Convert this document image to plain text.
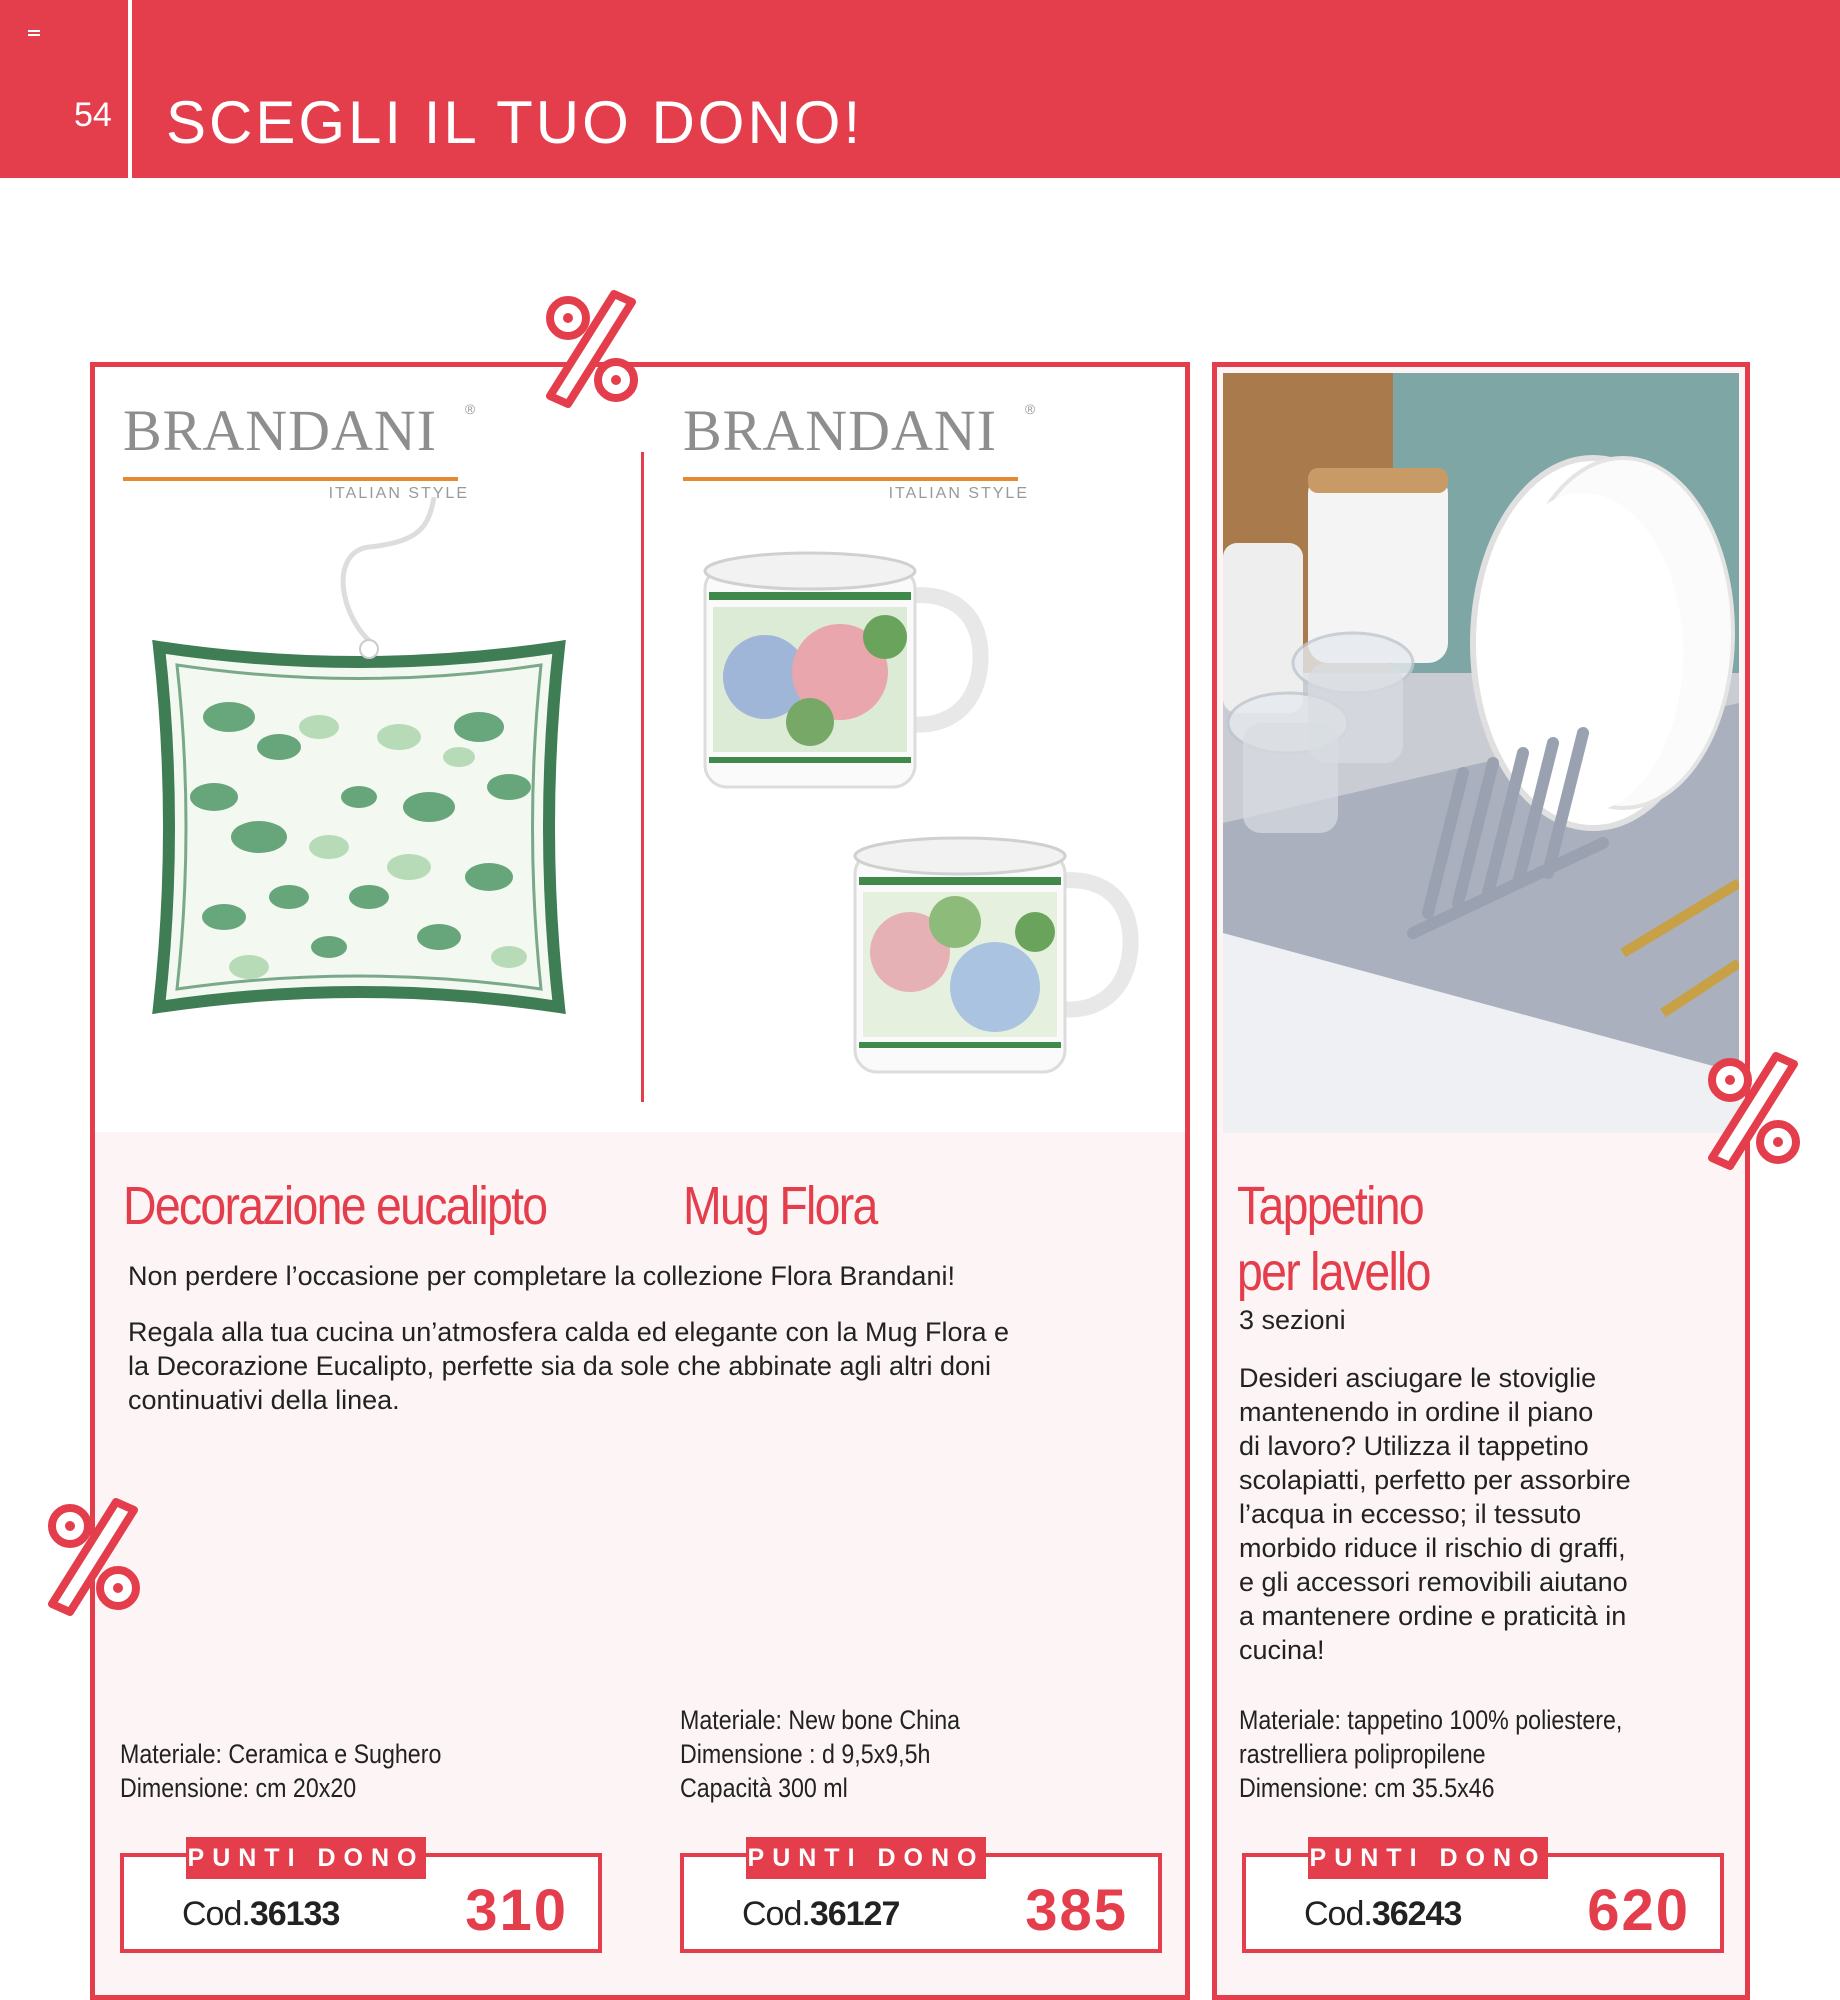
54 SCEGLI IL TUO DONO!
BRANDANI ®
ITALIAN STYLE
BRANDANI ®
ITALIAN STYLE
Decorazione eucalipto	Mug Flora
Non perdere l’occasione per completare la collezione Flora Brandani!
Regala alla tua cucina un’atmosfera calda ed elegante con la Mug Flora e
la Decorazione Eucalipto, perfette sia da sole che abbinate agli altri doni
continuativi della linea.
Materiale: Ceramica e Sughero
Dimensione: cm 20x20
Materiale: New bone China
Dimensione : d 9,5x9,5h
Capacità 300 ml
PUNTI DONO
Cod.36133 310
PUNTI DONO
Cod.36127 385
Tappetino
per lavello
3 sezioni
Desideri asciugare le stoviglie
mantenendo in ordine il piano
di lavoro? Utilizza il tappetino
scolapiatti, perfetto per assorbire
l’acqua in eccesso; il tessuto
morbido riduce il rischio di graffi,
e gli accessori removibili aiutano
a mantenere ordine e praticità in
cucina!
Materiale: tappetino 100% poliestere,
rastrelliera polipropilene
Dimensione: cm 35.5x46
PUNTI DONO
Cod.36243 620
